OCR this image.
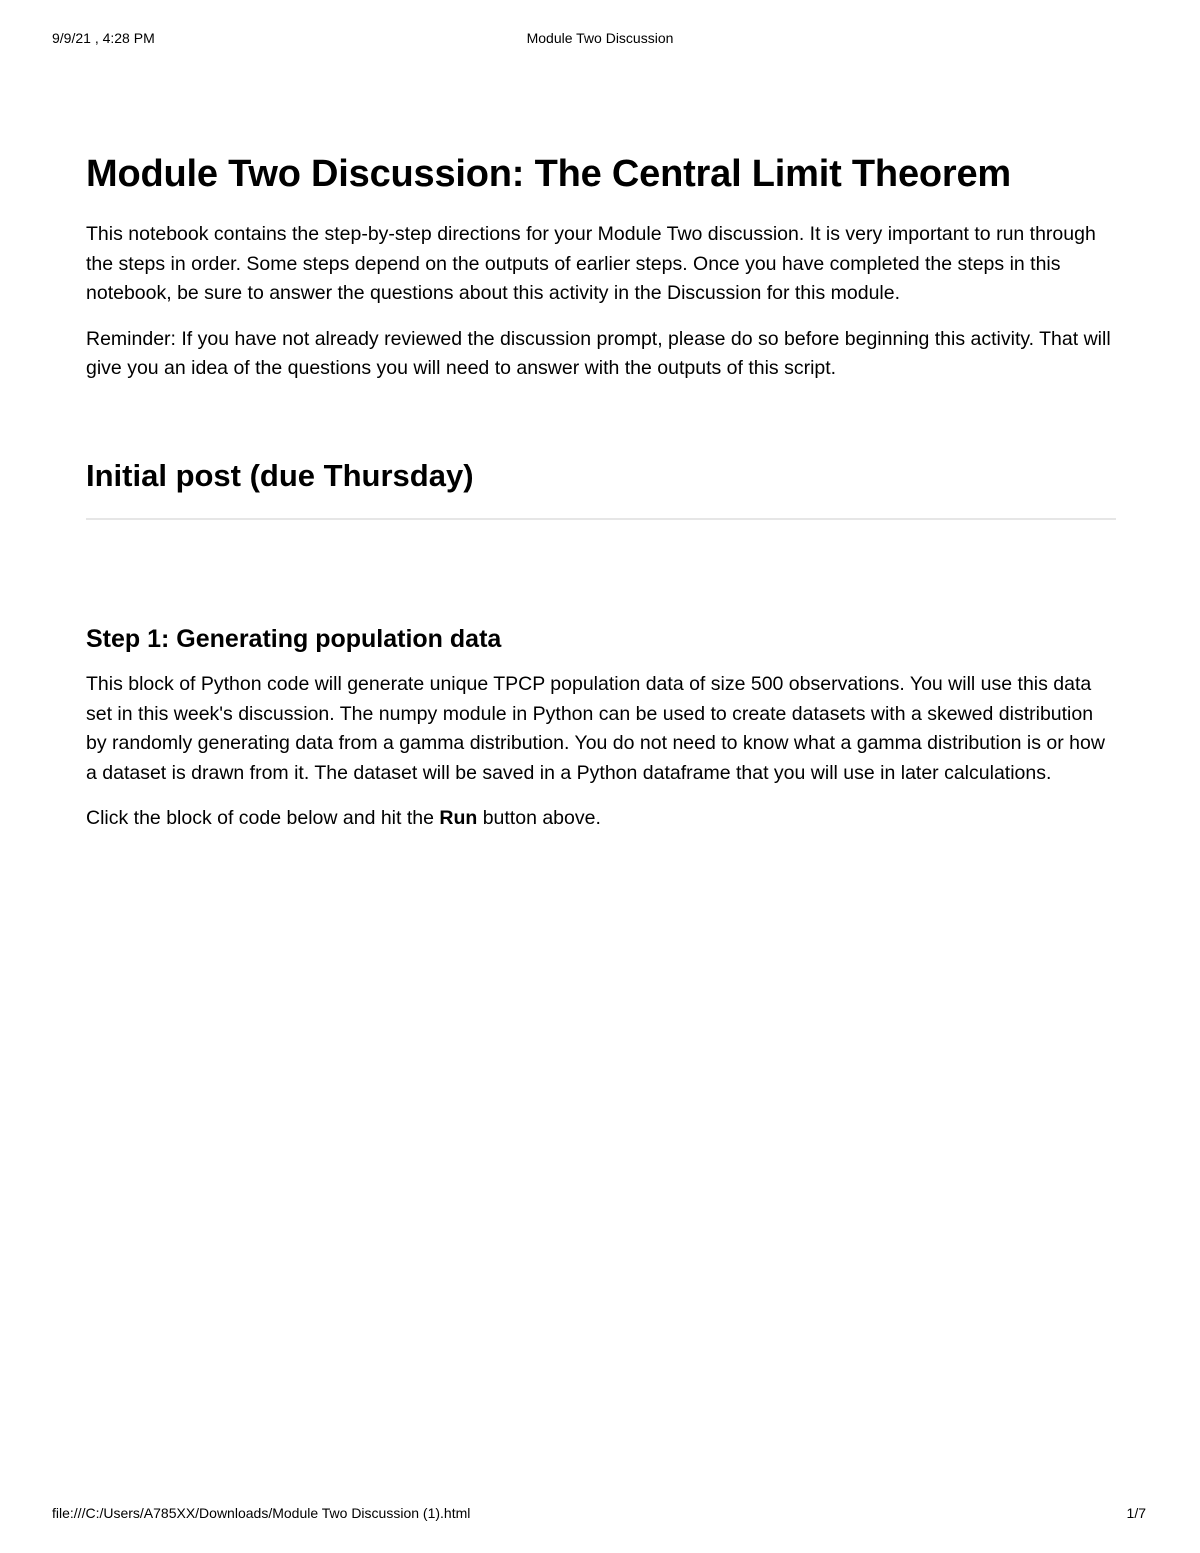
9/9/21 , 4:28 PM	Module Two Discussion
Module Two Discussion: The Central Limit Theorem

This notebook contains the step-by-step directions for your Module Two discussion. It is very important to run through the steps in order. Some steps depend on the outputs of earlier steps. Once you have completed the steps in this notebook, be sure to answer the questions about this activity in the Discussion for this module.

Reminder: If you have not already reviewed the discussion prompt, please do so before beginning this activity. That will give you an idea of the questions you will need to answer with the outputs of this script.

Initial post (due Thursday)
Step 1: Generating population data

This block of Python code will generate unique TPCP population data of size 500 observations. You will use this data set in this week's discussion. The numpy module in Python can be used to create datasets with a skewed distribution by randomly generating data from a gamma distribution. You do not need to know what a gamma distribution is or how a dataset is drawn from it. The dataset will be saved in a Python dataframe that you will use in later calculations.

Click the block of code below and hit the Run button above.

file:///C:/Users/A785XX/Downloads/Module Two Discussion (1).html	1/7
